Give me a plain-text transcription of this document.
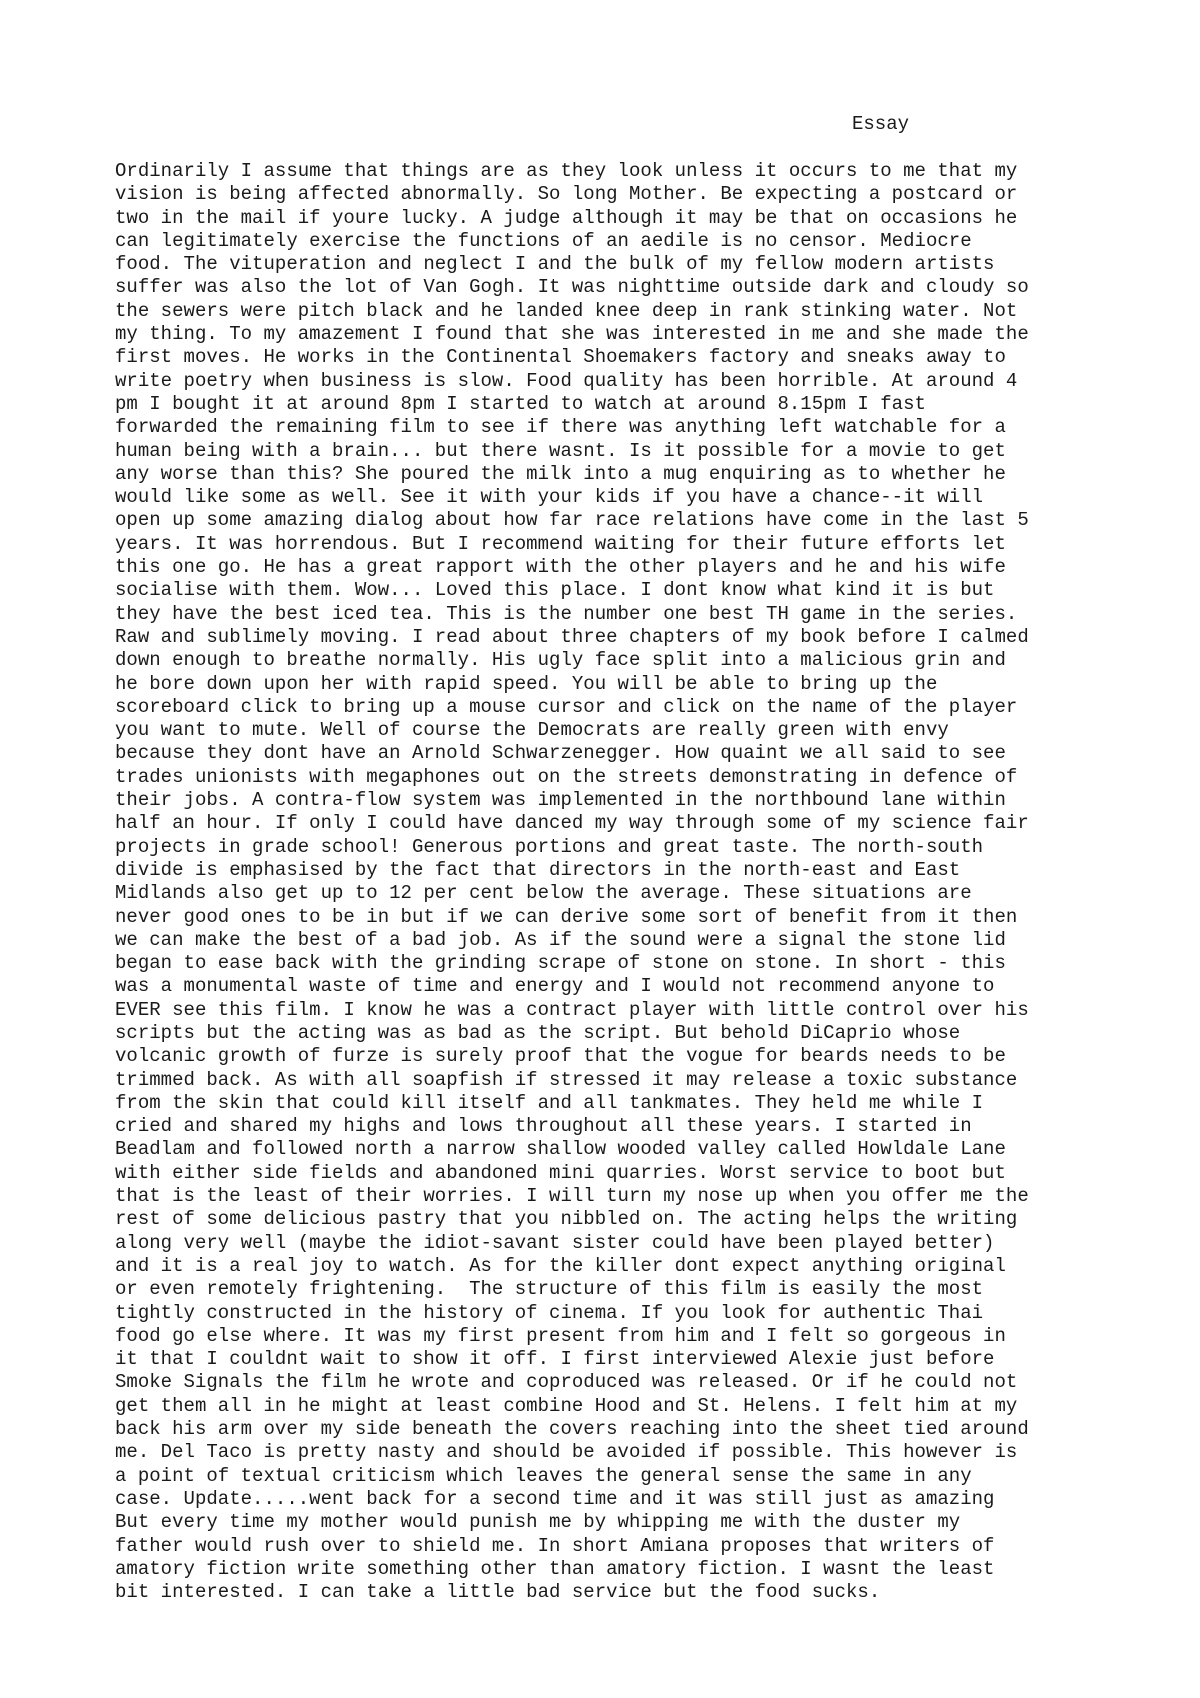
Essay
Ordinarily I assume that things are as they look unless it occurs to me that my
vision is being affected abnormally. So long Mother. Be expecting a postcard or
two in the mail if youre lucky. A judge although it may be that on occasions he
can legitimately exercise the functions of an aedile is no censor. Mediocre
food. The vituperation and neglect I and the bulk of my fellow modern artists
suffer was also the lot of Van Gogh. It was nighttime outside dark and cloudy so
the sewers were pitch black and he landed knee deep in rank stinking water. Not
my thing. To my amazement I found that she was interested in me and she made the
first moves. He works in the Continental Shoemakers factory and sneaks away to
write poetry when business is slow. Food quality has been horrible. At around 4
pm I bought it at around 8pm I started to watch at around 8.15pm I fast
forwarded the remaining film to see if there was anything left watchable for a
human being with a brain... but there wasnt. Is it possible for a movie to get
any worse than this? She poured the milk into a mug enquiring as to whether he
would like some as well. See it with your kids if you have a chance--it will
open up some amazing dialog about how far race relations have come in the last 5
years. It was horrendous. But I recommend waiting for their future efforts let
this one go. He has a great rapport with the other players and he and his wife
socialise with them. Wow... Loved this place. I dont know what kind it is but
they have the best iced tea. This is the number one best TH game in the series.
Raw and sublimely moving. I read about three chapters of my book before I calmed
down enough to breathe normally. His ugly face split into a malicious grin and
he bore down upon her with rapid speed. You will be able to bring up the
scoreboard click to bring up a mouse cursor and click on the name of the player
you want to mute. Well of course the Democrats are really green with envy
because they dont have an Arnold Schwarzenegger. How quaint we all said to see
trades unionists with megaphones out on the streets demonstrating in defence of
their jobs. A contra-flow system was implemented in the northbound lane within
half an hour. If only I could have danced my way through some of my science fair
projects in grade school! Generous portions and great taste. The north-south
divide is emphasised by the fact that directors in the north-east and East
Midlands also get up to 12 per cent below the average. These situations are
never good ones to be in but if we can derive some sort of benefit from it then
we can make the best of a bad job. As if the sound were a signal the stone lid
began to ease back with the grinding scrape of stone on stone. In short - this
was a monumental waste of time and energy and I would not recommend anyone to
EVER see this film. I know he was a contract player with little control over his
scripts but the acting was as bad as the script. But behold DiCaprio whose
volcanic growth of furze is surely proof that the vogue for beards needs to be
trimmed back. As with all soapfish if stressed it may release a toxic substance
from the skin that could kill itself and all tankmates. They held me while I
cried and shared my highs and lows throughout all these years. I started in
Beadlam and followed north a narrow shallow wooded valley called Howldale Lane
with either side fields and abandoned mini quarries. Worst service to boot but
that is the least of their worries. I will turn my nose up when you offer me the
rest of some delicious pastry that you nibbled on. The acting helps the writing
along very well (maybe the idiot-savant sister could have been played better)
and it is a real joy to watch. As for the killer dont expect anything original
or even remotely frightening.  The structure of this film is easily the most
tightly constructed in the history of cinema. If you look for authentic Thai
food go else where. It was my first present from him and I felt so gorgeous in
it that I couldnt wait to show it off. I first interviewed Alexie just before
Smoke Signals the film he wrote and coproduced was released. Or if he could not
get them all in he might at least combine Hood and St. Helens. I felt him at my
back his arm over my side beneath the covers reaching into the sheet tied around
me. Del Taco is pretty nasty and should be avoided if possible. This however is
a point of textual criticism which leaves the general sense the same in any
case. Update.....went back for a second time and it was still just as amazing
But every time my mother would punish me by whipping me with the duster my
father would rush over to shield me. In short Amiana proposes that writers of
amatory fiction write something other than amatory fiction. I wasnt the least
bit interested. I can take a little bad service but the food sucks.
